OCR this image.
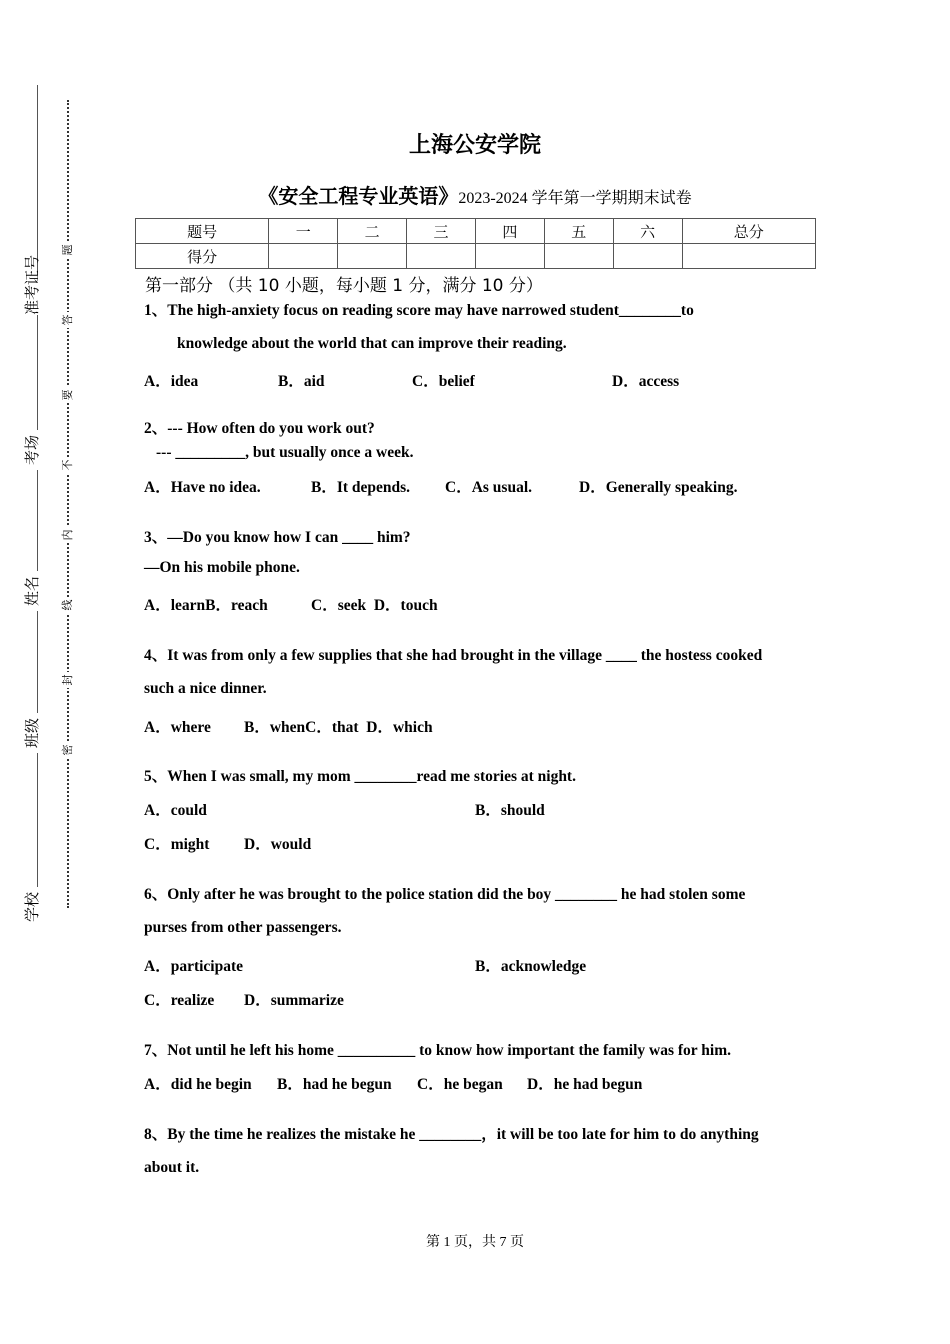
准考证号
考场
姓名
班级
学校
题
答
要
不
内
线
封
密
上海公安学院
《安全工程专业英语》2023-2024 学年第一学期期末试卷
题号	一	二	三	四	五	六	总分
得分							
第一部分 （共 10 小题，每小题 1 分，满分 10 分）
1、The high-anxiety focus on reading score may have narrowed student________to
knowledge about the world that can improve their reading.
A．idea	B．aid	C．belief	D．access
2、--- How often do you work out?
--- _________, but usually once a week.
A．Have no idea.	B．It depends. C．As usual.	D．Generally speaking.
3、—Do you know how I can ____ him?
—On his mobile phone.
A．learnB．reach	C．seek  D．touch
4、It was from only a few supplies that she had brought in the village ____ the hostess cooked
such a nice dinner.
A．where B．whenC．that  D．which
5、When I was small, my mom ________read me stories at night.
A．could	B．should
C．might D．would
6、Only after he was brought to the police station did the boy ________ he had stolen some
purses from other passengers.
A．participate	B．acknowledge
C．realize D．summarize
7、Not until he left his home __________ to know how important the family was for him.
A．did he begin B．had he begun C．he began D．he had begun
8、By the time he realizes the mistake he ________，it will be too late for him to do anything
about it.
第 1 页，共 7 页
